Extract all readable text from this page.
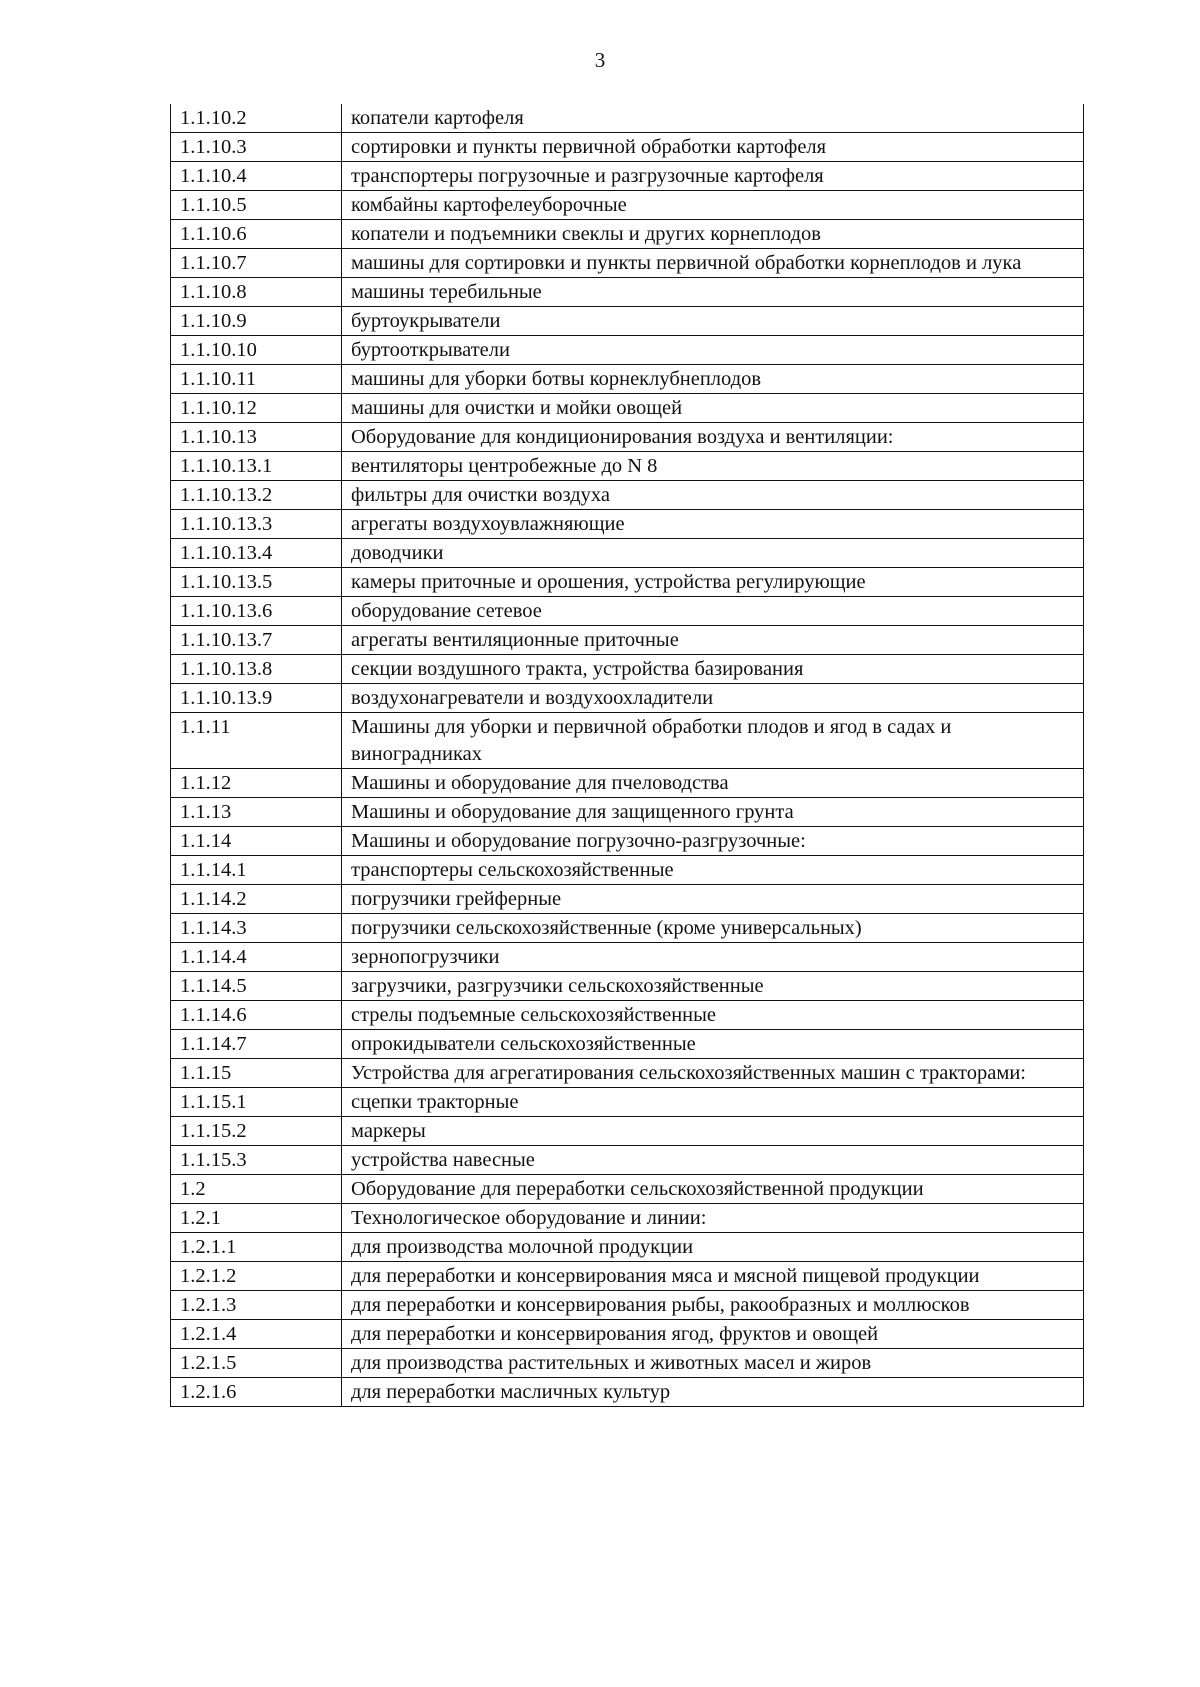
3
1.1.10.2	копатели картофеля
1.1.10.3	сортировки и пункты первичной обработки картофеля
1.1.10.4	транспортеры погрузочные и разгрузочные картофеля
1.1.10.5	комбайны картофелеуборочные
1.1.10.6	копатели и подъемники свеклы и других корнеплодов
1.1.10.7	машины для сортировки и пункты первичной обработки корнеплодов и лука
1.1.10.8	машины теребильные
1.1.10.9	буртоукрыватели
1.1.10.10	буртооткрыватели
1.1.10.11	машины для уборки ботвы корнеклубнеплодов
1.1.10.12	машины для очистки и мойки овощей
1.1.10.13	Оборудование для кондиционирования воздуха и вентиляции:
1.1.10.13.1	вентиляторы центробежные до N 8
1.1.10.13.2	фильтры для очистки воздуха
1.1.10.13.3	агрегаты воздухоувлажняющие
1.1.10.13.4	доводчики
1.1.10.13.5	камеры приточные и орошения, устройства регулирующие
1.1.10.13.6	оборудование сетевое
1.1.10.13.7	агрегаты вентиляционные приточные
1.1.10.13.8	секции воздушного тракта, устройства базирования
1.1.10.13.9	воздухонагреватели и воздухоохладители
1.1.11	Машины для уборки и первичной обработки плодов и ягод в садах и виноградниках
1.1.12	Машины и оборудование для пчеловодства
1.1.13	Машины и оборудование для защищенного грунта
1.1.14	Машины и оборудование погрузочно-разгрузочные:
1.1.14.1	транспортеры сельскохозяйственные
1.1.14.2	погрузчики грейферные
1.1.14.3	погрузчики сельскохозяйственные (кроме универсальных)
1.1.14.4	зернопогрузчики
1.1.14.5	загрузчики, разгрузчики сельскохозяйственные
1.1.14.6	стрелы подъемные сельскохозяйственные
1.1.14.7	опрокидыватели сельскохозяйственные
1.1.15	Устройства для агрегатирования сельскохозяйственных машин с тракторами:
1.1.15.1	сцепки тракторные
1.1.15.2	маркеры
1.1.15.3	устройства навесные
1.2	Оборудование для переработки сельскохозяйственной продукции
1.2.1	Технологическое оборудование и линии:
1.2.1.1	для производства молочной продукции
1.2.1.2	для переработки и консервирования мяса и мясной пищевой продукции
1.2.1.3	для переработки и консервирования рыбы, ракообразных и моллюсков
1.2.1.4	для переработки и консервирования ягод, фруктов и овощей
1.2.1.5	для производства растительных и животных масел и жиров
1.2.1.6	для переработки масличных культур
